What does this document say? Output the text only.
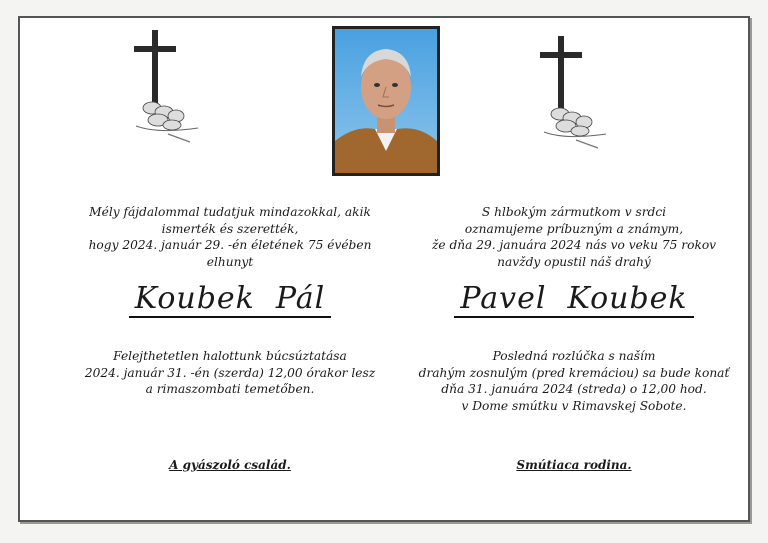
Mély fájdalommal tudatjuk mindazokkal, akik
ismerték és szerették,
hogy 2024. január 29. -én életének 75 évében
elhunyt

Koubek  Pál

Felejthetetlen halottunk búcsúztatása
2024. január 31. -én (szerda) 12,00 órakor lesz
a rimaszombati temetőben.

S hlbokým zármutkom v srdci
oznamujeme príbuzným a známym,
že dňa 29. januára 2024 nás vo veku 75 rokov
navždy opustil náš drahý

Pavel  Koubek

Posledná rozlúčka s naším
drahým zosnulým (pred kremáciou) sa bude konať
dňa 31. januára 2024 (streda) o 12,00 hod.
v Dome smútku v Rimavskej Sobote.

A gyászoló család.	Smútiaca rodina.
